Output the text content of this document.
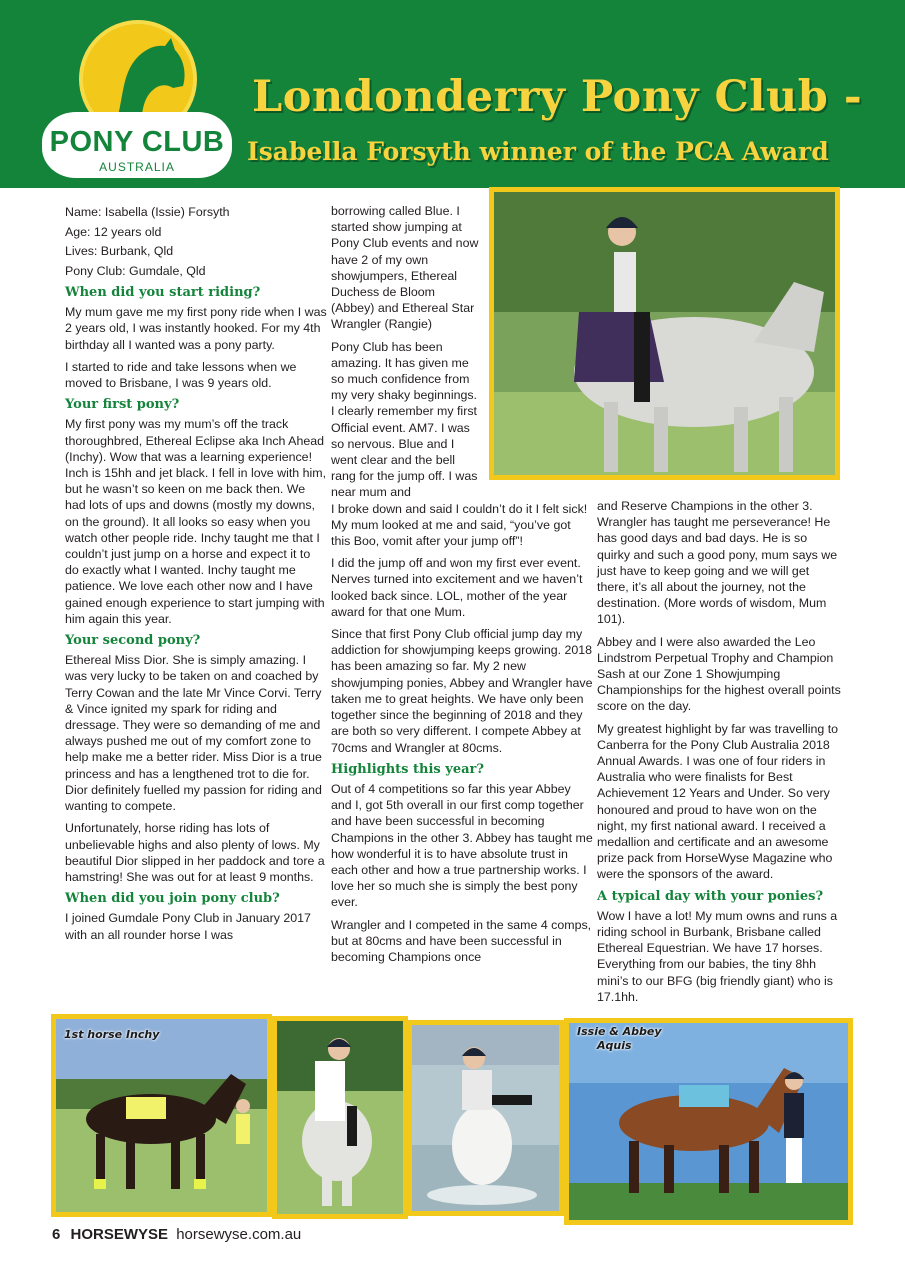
PONY CLUB
AUSTRALIA
Londonderry Pony Club -
Isabella Forsyth winner of the PCA Award
Name: Isabella (Issie) Forsyth
Age: 12 years old
Lives: Burbank, Qld
Pony Club: Gumdale, Qld
When did you start riding?

My mum gave me my first pony ride when I was 2 years old, I was instantly hooked. For my 4th birthday all I wanted was a pony party.

I started to ride and take lessons when we moved to Brisbane, I was 9 years old.

Your first pony?

My first pony was my mum’s off the track thoroughbred, Ethereal Eclipse aka Inch Ahead (Inchy). Wow that was a learning experience! Inch is 15hh and jet black. I fell in love with him, but he wasn’t so keen on me back then. We had lots of ups and downs (mostly my downs, on the ground). It all looks so easy when you watch other people ride. Inchy taught me that I couldn’t just jump on a horse and expect it to do exactly what I wanted. Inchy taught me patience. We love each other now and I have gained enough experience to start jumping with him again this year.

Your second pony?

Ethereal Miss Dior. She is simply amazing. I was very lucky to be taken on and coached by Terry Cowan and the late Mr Vince Corvi. Terry & Vince ignited my spark for riding and dressage. They were so demanding of me and always pushed me out of my comfort zone to help make me a better rider. Miss Dior is a true princess and has a lengthened trot to die for. Dior definitely fuelled my passion for riding and wanting to compete.

Unfortunately, horse riding has lots of unbelievable highs and also plenty of lows. My beautiful Dior slipped in her paddock and tore a hamstring! She was out for at least 9 months.

When did you join pony club?

I joined Gumdale Pony Club in January 2017 with an all rounder horse I was

borrowing called Blue. I started show jumping at Pony Club events and now have 2 of my own showjumpers, Ethereal Duchess de Bloom (Abbey) and Ethereal Star Wrangler (Rangie)

Pony Club has been amazing. It has given me so much confidence from my very shaky beginnings. I clearly remember my first Official event. AM7. I was so nervous. Blue and I went clear and the bell rang for the jump off. I was near mum and

I broke down and said I couldn’t do it I felt sick! My mum looked at me and said, “you’ve got this Boo, vomit after your jump off”!

I did the jump off and won my first ever event. Nerves turned into excitement and we haven’t looked back since. LOL, mother of the year award for that one Mum.

Since that first Pony Club official jump day my addiction for showjumping keeps growing. 2018 has been amazing so far. My 2 new showjumping ponies, Abbey and Wrangler have taken me to great heights. We have only been together since the beginning of 2018 and they are both so very different. I compete Abbey at 70cms and Wrangler at 80cms.

Highlights this year?

Out of 4 competitions so far this year Abbey and I, got 5th overall in our first comp together and have been successful in becoming Champions in the other 3. Abbey has taught me how wonderful it is to have absolute trust in each other and how a true partnership works. I love her so much she is simply the best pony ever.

Wrangler and I competed in the same 4 comps, but at 80cms and have been successful in becoming Champions once

and Reserve Champions in the other 3. Wrangler has taught me perseverance! He has good days and bad days. He is so quirky and such a good pony, mum says we just have to keep going and we will get there, it’s all about the journey, not the destination. (More words of wisdom, Mum 101).

Abbey and I were also awarded the Leo Lindstrom Perpetual Trophy and Champion Sash at our Zone 1 Showjumping Championships for the highest overall points score on the day.

My greatest highlight by far was travelling to Canberra for the Pony Club Australia 2018 Annual Awards. I was one of four riders in Australia who were finalists for Best Achievement 12 Years and Under. So very honoured and proud to have won on the night, my first national award. I received a medallion and certificate and an awesome prize pack from HorseWyse Magazine who were the sponsors of the award.

A typical day with your ponies?

Wow I have a lot! My mum owns and runs a riding school in Burbank, Brisbane called Ethereal Equestrian. We have 17 horses. Everything from our babies, the tiny 8hh mini’s to our BFG (big friendly giant) who is 17.1hh.

1st horse Inchy	Issie & Abbey
Aquis
6 HORSEWYSE horsewyse.com.au
